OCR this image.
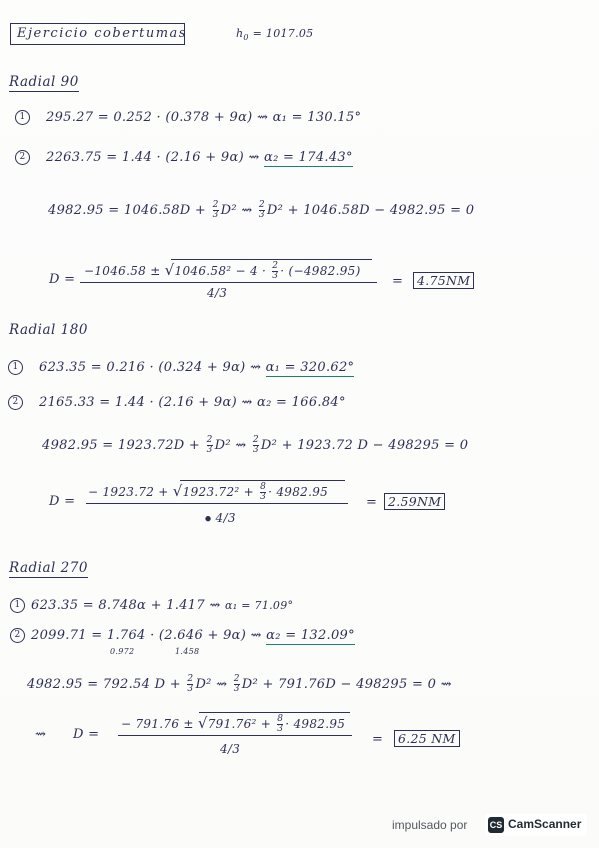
Ejercicio cobertumas	$h_0 = 1017.05$
Radial 90
1 295.27 = 0.252 · (0.378 + 9α) ⇝ α₁ = 130.15°
2 2263.75 = 1.44 · (2.16 + 9α) ⇝ α₂ = 174.43°
$4982.95 = 1046.58D + \frac{2}{3} D^2$ ⇝ $\frac{2}{3} D^2 + 1046.58D - 4982.95 = 0$
D =
$-1046.58 \pm √1046.58^2 - 4 \cdot \frac{2}{3} \cdot (-4982.95)$
4/3
=	4.75NM
Radial 180
1 623.35 = 0.216 · (0.324 + 9α) ⇝ α₁ = 320.62°
2 2165.33 = 1.44 · (2.16 + 9α) ⇝ α₂ = 166.84°
$4982.95 = 1923.72D + \frac{2}{3} D^2$ ⇝ $\frac{2}{3} D^2 + 1923.72$ D − 498295 = 0
D =
− $1923.72 + √1923.72^2 + \frac{8}{3} \cdot 4982.95$
● 4/3
= 2.59NM
Radial 270
1 623.35 = 8.748α + 1.417 ⇝ α₁ = 71.09°
2 2099.71 = 1.764 · (2.646 + 9α) ⇝ α₂ = 132.09°
0.972	1.458
4982.95 = 792.54 $D + \frac{2}{3} D^2$ ⇝ $\frac{2}{3} D^2 + 791.76D - 498295 = 0$ ⇝
⇝ D =
− $791.76 \pm √791.76^2 + \frac{8}{3} \cdot 4982.95$
4/3
=	6.25 NM
impulsado por CS CamScanner
